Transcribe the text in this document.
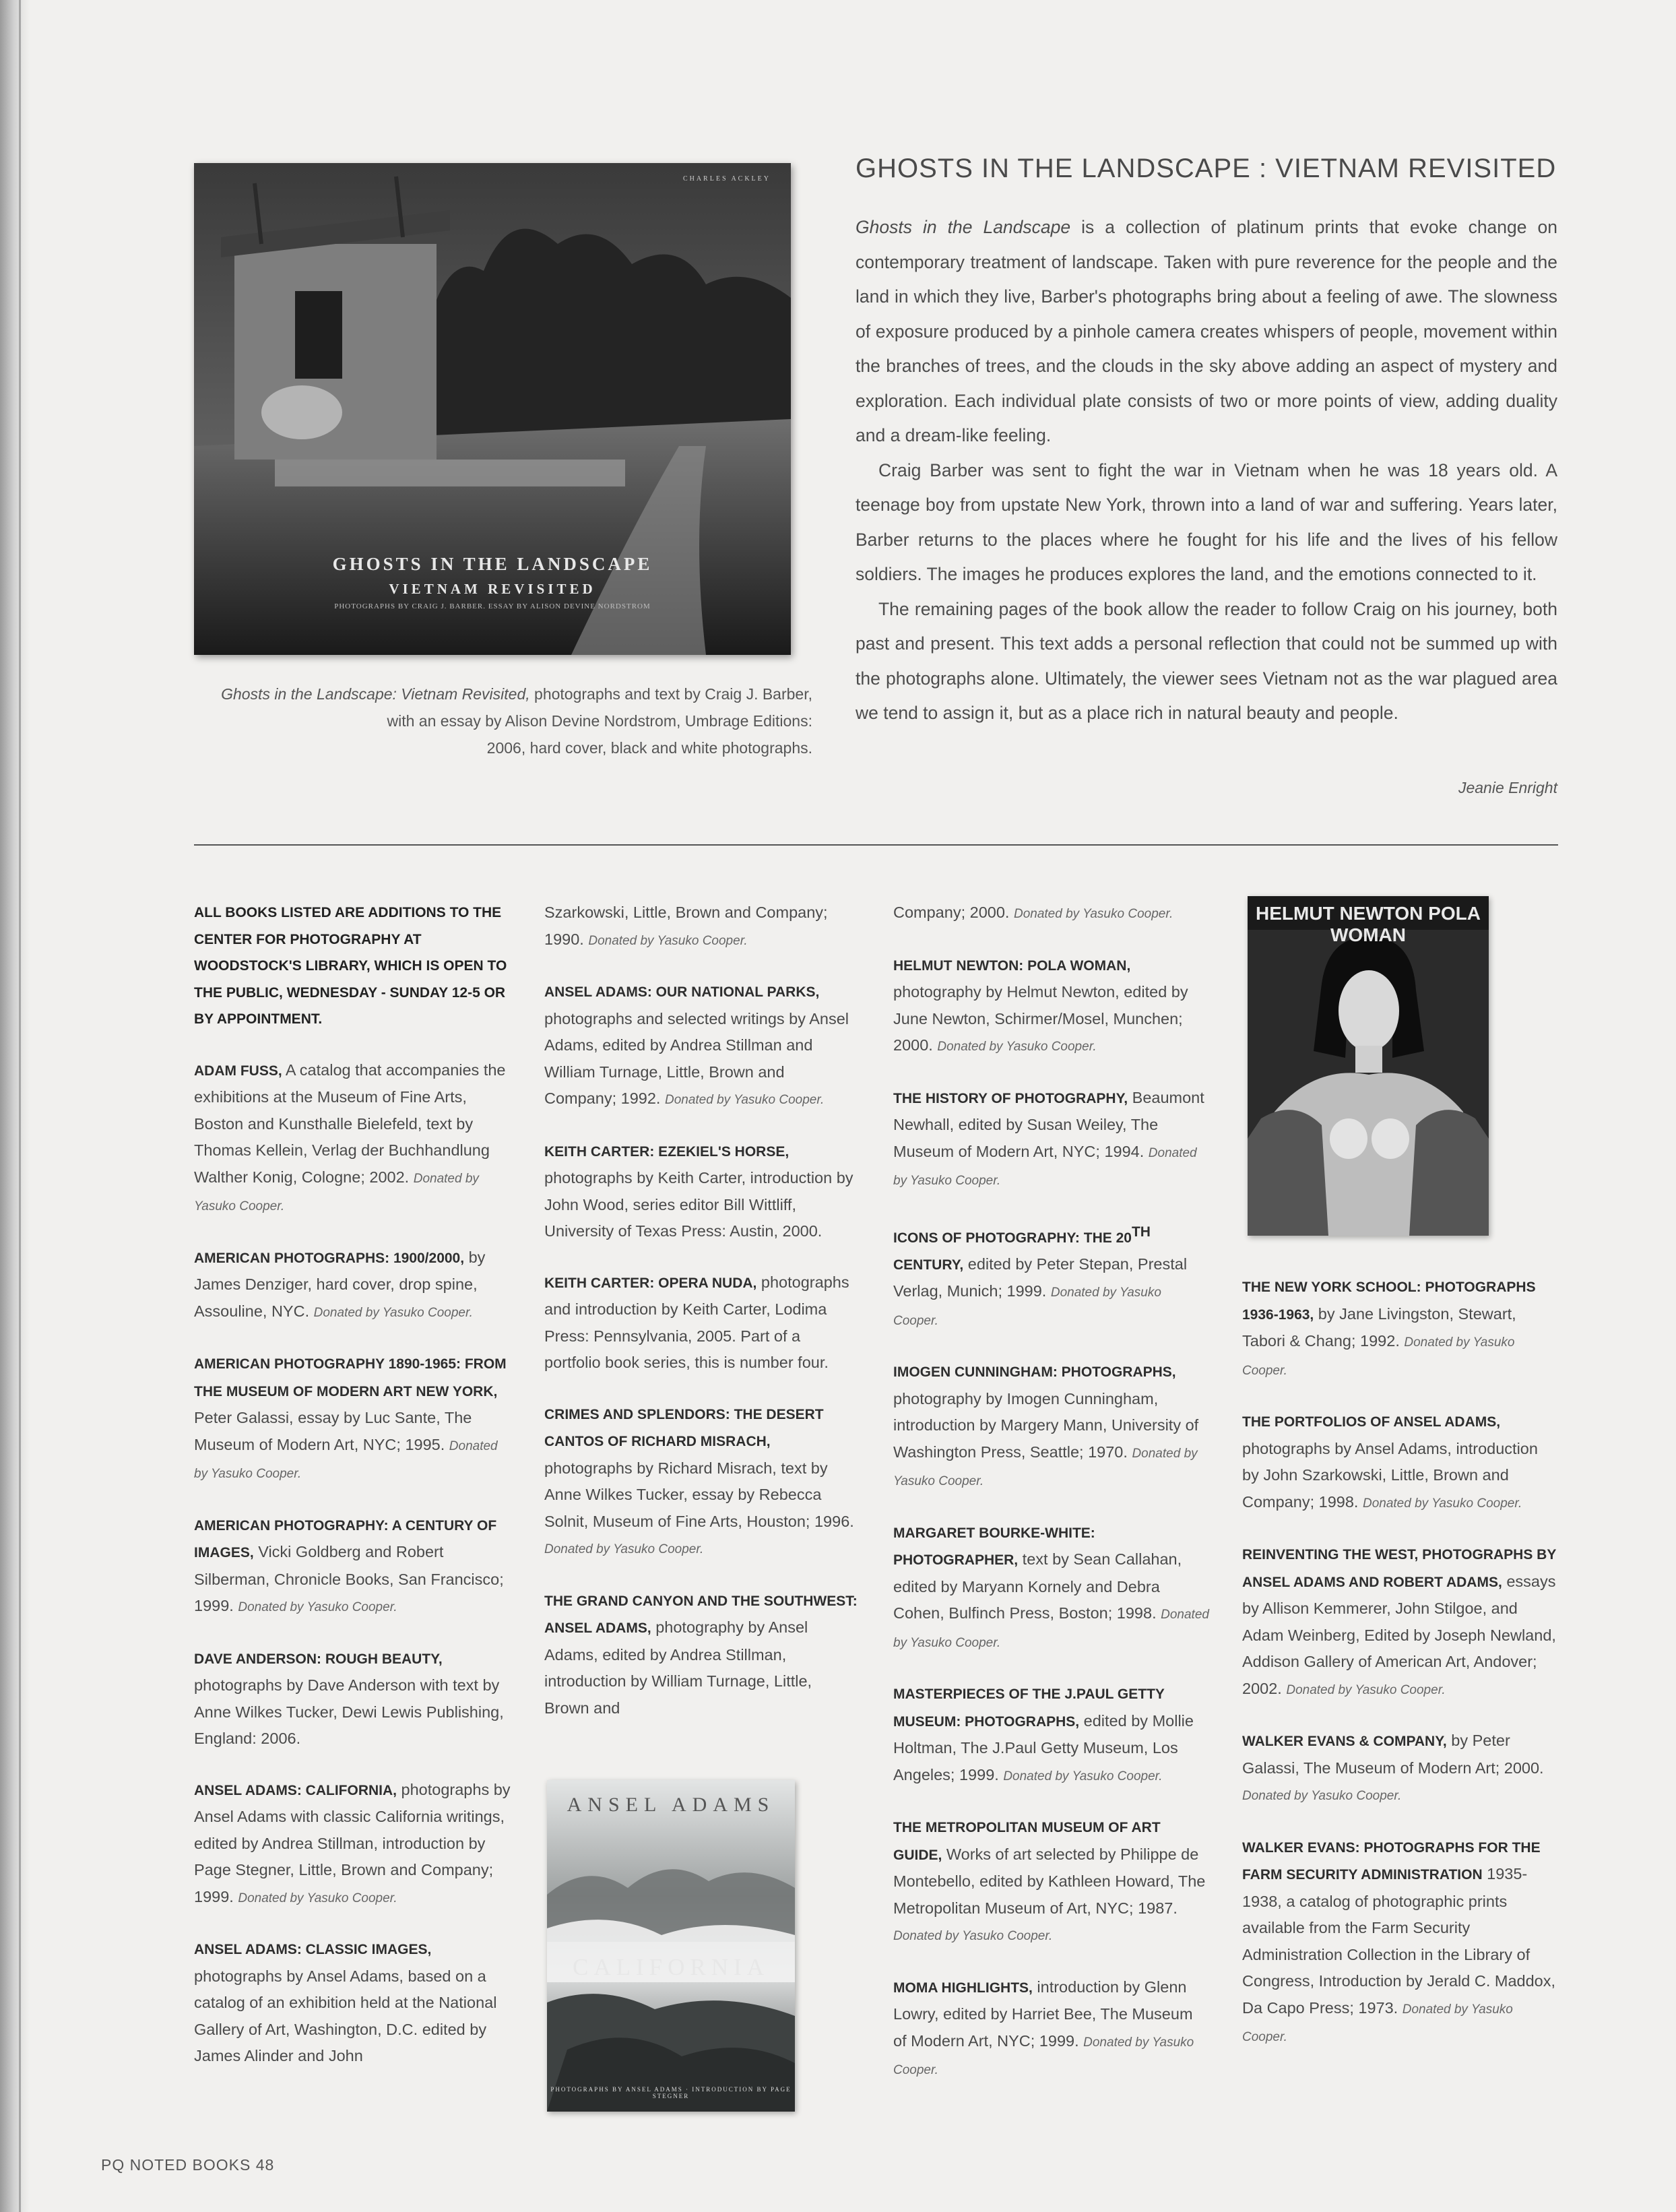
CHARLES ACKLEY
GHOSTS IN THE LANDSCAPE
VIETNAM REVISITED
PHOTOGRAPHS BY CRAIG J. BARBER. ESSAY BY ALISON DEVINE NORDSTROM
Ghosts in the Landscape: Vietnam Revisited, photographs and text by Craig J. Barber,
with an essay by Alison Devine Nordstrom, Umbrage Editions:
2006, hard cover, black and white photographs.
GHOSTS IN THE LANDSCAPE : VIETNAM REVISITED

Ghosts in the Landscape is a collection of platinum prints that evoke change on contemporary treatment of landscape. Taken with pure reverence for the people and the land in which they live, Barber's photographs bring about a feeling of awe. The slowness of exposure produced by a pinhole camera creates whispers of people, movement within the branches of trees, and the clouds in the sky above adding an aspect of mystery and exploration. Each individual plate consists of two or more points of view, adding duality and a dream-like feeling.

Craig Barber was sent to fight the war in Vietnam when he was 18 years old. A teenage boy from upstate New York, thrown into a land of war and suffering. Years later, Barber returns to the places where he fought for his life and the lives of his fellow soldiers. The images he produces explores the land, and the emotions connected to it.

The remaining pages of the book allow the reader to follow Craig on his journey, both past and present. This text adds a personal reflection that could not be summed up with the photographs alone. Ultimately, the viewer sees Vietnam not as the war plagued area we tend to assign it, but as a place rich in natural beauty and people.

Jeanie Enright

ALL BOOKS LISTED ARE ADDITIONS TO THE CENTER FOR PHOTOGRAPHY AT WOODSTOCK'S LIBRARY, WHICH IS OPEN TO THE PUBLIC, WEDNESDAY - SUNDAY 12-5 OR BY APPOINTMENT.

ADAM FUSS, A catalog that accompanies the exhibitions at the Museum of Fine Arts, Boston and Kunsthalle Bielefeld, text by Thomas Kellein, Verlag der Buchhandlung Walther Konig, Cologne; 2002. Donated by Yasuko Cooper.

AMERICAN PHOTOGRAPHS: 1900/2000, by James Denziger, hard cover, drop spine, Assouline, NYC. Donated by Yasuko Cooper.

AMERICAN PHOTOGRAPHY 1890-1965: FROM THE MUSEUM OF MODERN ART NEW YORK, Peter Galassi, essay by Luc Sante, The Museum of Modern Art, NYC; 1995. Donated by Yasuko Cooper.

AMERICAN PHOTOGRAPHY: A CENTURY OF IMAGES, Vicki Goldberg and Robert Silberman, Chronicle Books, San Francisco; 1999. Donated by Yasuko Cooper.

DAVE ANDERSON: ROUGH BEAUTY, photographs by Dave Anderson with text by Anne Wilkes Tucker, Dewi Lewis Publishing, England: 2006.

ANSEL ADAMS: CALIFORNIA, photographs by Ansel Adams with classic California writings, edited by Andrea Stillman, introduction by Page Stegner, Little, Brown and Company; 1999. Donated by Yasuko Cooper.

ANSEL ADAMS: CLASSIC IMAGES, photographs by Ansel Adams, based on a catalog of an exhibition held at the National Gallery of Art, Washington, D.C. edited by James Alinder and John

Szarkowski, Little, Brown and Company; 1990. Donated by Yasuko Cooper.

ANSEL ADAMS: OUR NATIONAL PARKS, photographs and selected writings by Ansel Adams, edited by Andrea Stillman and William Turnage, Little, Brown and Company; 1992. Donated by Yasuko Cooper.

KEITH CARTER: EZEKIEL'S HORSE, photographs by Keith Carter, introduction by John Wood, series editor Bill Wittliff, University of Texas Press: Austin, 2000.

KEITH CARTER: OPERA NUDA, photographs and introduction by Keith Carter, Lodima Press: Pennsylvania, 2005. Part of a portfolio book series, this is number four.

CRIMES AND SPLENDORS: THE DESERT CANTOS OF RICHARD MISRACH, photographs by Richard Misrach, text by Anne Wilkes Tucker, essay by Rebecca Solnit, Museum of Fine Arts, Houston; 1996. Donated by Yasuko Cooper.

THE GRAND CANYON AND THE SOUTHWEST: ANSEL ADAMS, photography by Ansel Adams, edited by Andrea Stillman, introduction by William Turnage, Little, Brown and

ANSEL ADAMS
CALIFORNIA
PHOTOGRAPHS BY ANSEL ADAMS · INTRODUCTION BY PAGE STEGNER

Company; 2000. Donated by Yasuko Cooper.

HELMUT NEWTON: POLA WOMAN, photography by Helmut Newton, edited by June Newton, Schirmer/Mosel, Munchen; 2000. Donated by Yasuko Cooper.

THE HISTORY OF PHOTOGRAPHY, Beaumont Newhall, edited by Susan Weiley, The Museum of Modern Art, NYC; 1994. Donated by Yasuko Cooper.

ICONS OF PHOTOGRAPHY: THE 20TH CENTURY, edited by Peter Stepan, Prestal Verlag, Munich; 1999. Donated by Yasuko Cooper.

IMOGEN CUNNINGHAM: PHOTOGRAPHS, photography by Imogen Cunningham, introduction by Margery Mann, University of Washington Press, Seattle; 1970. Donated by Yasuko Cooper.

MARGARET BOURKE-WHITE: PHOTOGRAPHER, text by Sean Callahan, edited by Maryann Kornely and Debra Cohen, Bulfinch Press, Boston; 1998. Donated by Yasuko Cooper.

MASTERPIECES OF THE J.PAUL GETTY MUSEUM: PHOTOGRAPHS, edited by Mollie Holtman, The J.Paul Getty Museum, Los Angeles; 1999. Donated by Yasuko Cooper.

THE METROPOLITAN MUSEUM OF ART GUIDE, Works of art selected by Philippe de Montebello, edited by Kathleen Howard, The Metropolitan Museum of Art, NYC; 1987. Donated by Yasuko Cooper.

MOMA HIGHLIGHTS, introduction by Glenn Lowry, edited by Harriet Bee, The Museum of Modern Art, NYC; 1999. Donated by Yasuko Cooper.

HELMUT NEWTON POLA WOMAN

THE NEW YORK SCHOOL: PHOTOGRAPHS 1936-1963, by Jane Livingston, Stewart, Tabori & Chang; 1992. Donated by Yasuko Cooper.

THE PORTFOLIOS OF ANSEL ADAMS, photographs by Ansel Adams, introduction by John Szarkowski, Little, Brown and Company; 1998. Donated by Yasuko Cooper.

REINVENTING THE WEST, PHOTOGRAPHS BY ANSEL ADAMS AND ROBERT ADAMS, essays by Allison Kemmerer, John Stilgoe, and Adam Weinberg, Edited by Joseph Newland, Addison Gallery of American Art, Andover; 2002. Donated by Yasuko Cooper.

WALKER EVANS & COMPANY, by Peter Galassi, The Museum of Modern Art; 2000. Donated by Yasuko Cooper.

WALKER EVANS: PHOTOGRAPHS FOR THE FARM SECURITY ADMINISTRATION 1935-1938, a catalog of photographic prints available from the Farm Security Administration Collection in the Library of Congress, Introduction by Jerald C. Maddox, Da Capo Press; 1973. Donated by Yasuko Cooper.

PQ NOTED BOOKS 48
